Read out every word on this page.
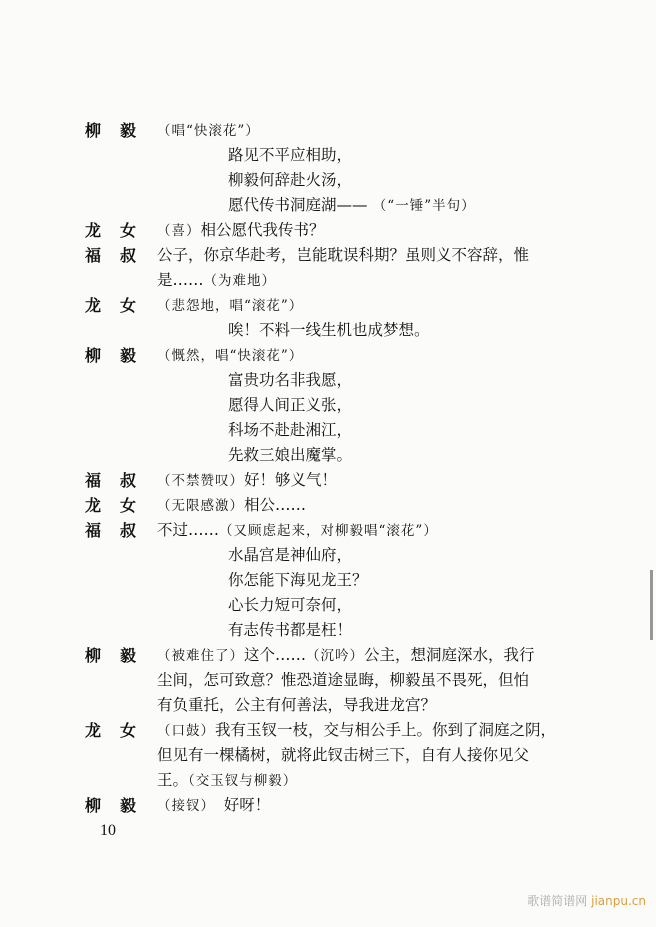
柳 毅	（唱“快滚花”）
路见不平应相助，
柳毅何辞赴火汤，
愿代传书洞庭湖—— （“一锤”半句）
龙 女	（喜）相公愿代我传书？
福 叔	公子，你京华赴考，岂能耽误科期？虽则义不容辞，惟
是……（为难地）
龙 女	（悲怨地，唱“滚花”）
唉！不料一线生机也成梦想。
柳 毅	（慨然，唱“快滚花”）
富贵功名非我愿，
愿得人间正义张，
科场不赴赴湘江，
先救三娘出魔掌。
福 叔	（不禁赞叹）好！够义气！
龙 女	（无限感激）相公……
福 叔	不过……（又顾虑起来，对柳毅唱“滚花”）
水晶宫是神仙府，
你怎能下海见龙王？
心长力短可奈何，
有志传书都是枉！
柳 毅	（被难住了）这个……（沉吟）公主，想洞庭深水，我行
尘间，怎可致意？惟恐道途显晦，柳毅虽不畏死，但怕
有负重托，公主有何善法，导我进龙宫？
龙 女	（口鼓）我有玉钗一枝，交与相公手上。你到了洞庭之阴，
但见有一棵橘树，就将此钗击树三下，自有人接你见父
王。（交玉钗与柳毅）
柳 毅	（接钗）　好呀！
10
歌谱简谱网 jianpu.cn
